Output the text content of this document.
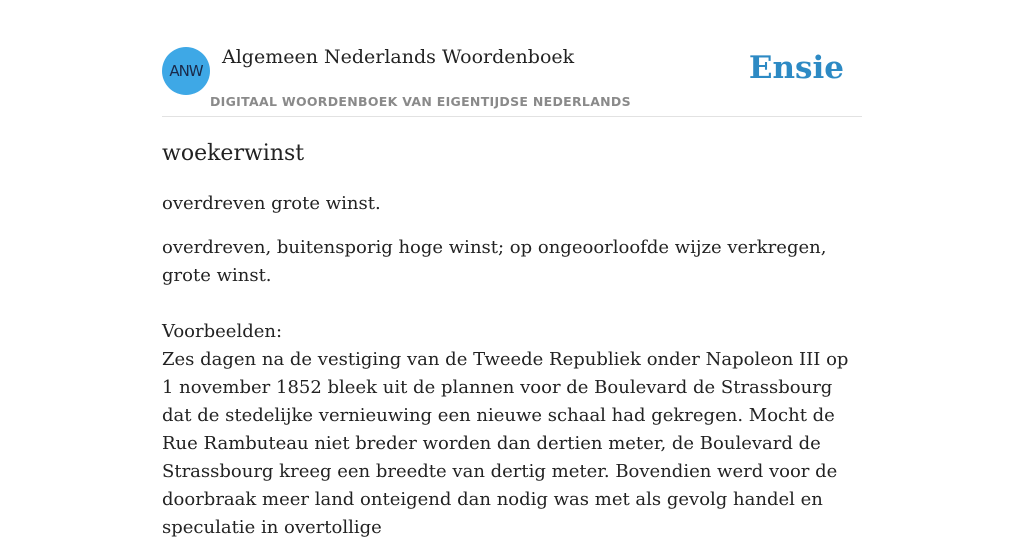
ANW
Algemeen Nederlands Woordenboek
DIGITAAL WOORDENBOEK VAN EIGENTIJDSE NEDERLANDS
Ensie
woekerwinst

overdreven grote winst.

overdreven, buitensporig hoge winst; op ongeoorloofde wijze verkregen, grote winst.

Voorbeelden:

Zes dagen na de vestiging van de Tweede Republiek onder Napoleon III op 1 november 1852 bleek uit de plannen voor de Boulevard de Strassbourg dat de stedelijke vernieuwing een nieuwe schaal had gekregen. Mocht de Rue Rambuteau niet breder worden dan dertien meter, de Boulevard de Strassbourg kreeg een breedte van dertig meter. Bovendien werd voor de doorbraak meer land onteigend dan nodig was met als gevolg handel en speculatie in overtollige
